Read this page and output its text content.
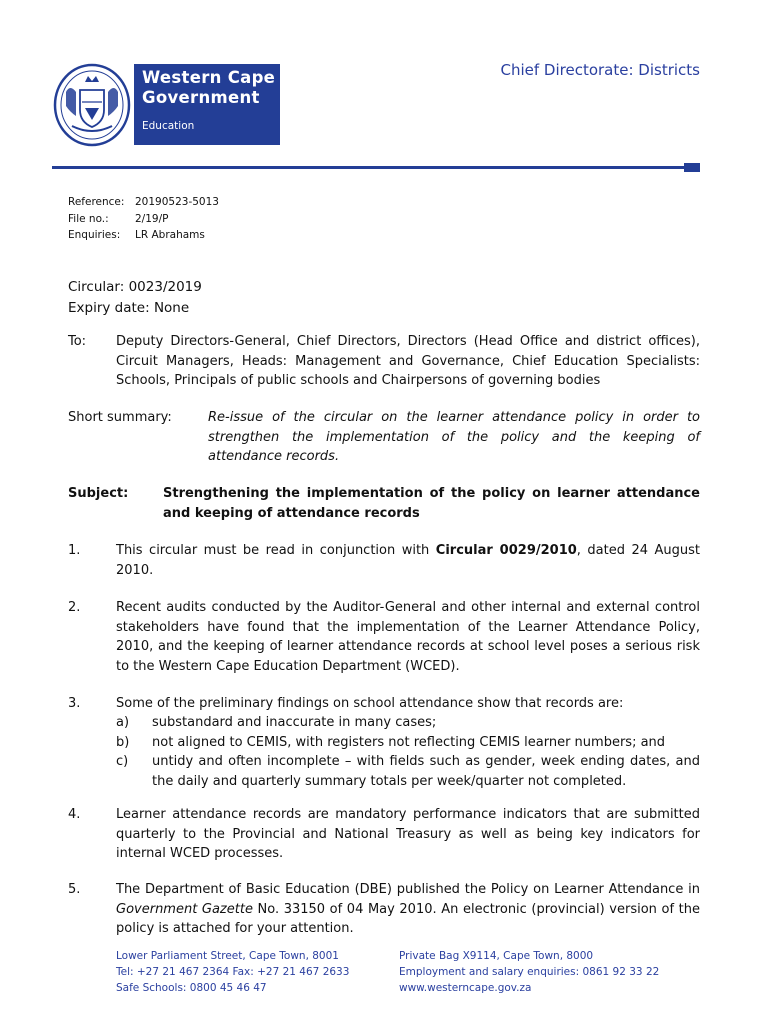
Western Cape
Government
Education
Chief Directorate: Districts
Reference: 20190523-5013
File no.:	2/19/P
Enquiries: LR Abrahams
Circular: 0023/2019
Expiry date: None
To: Deputy Directors-General, Chief Directors, Directors (Head Office and district offices), Circuit Managers, Heads: Management and Governance, Chief Education Specialists: Schools, Principals of public schools and Chairpersons of governing bodies
Short summary:	Re-issue of the circular on the learner attendance policy in order to strengthen the implementation of the policy and the keeping of attendance records.
Subject:	Strengthening the implementation of the policy on learner attendance and keeping of attendance records
1.	This circular must be read in conjunction with Circular 0029/2010, dated 24 August 2010.
2.	Recent audits conducted by the Auditor-General and other internal and external control stakeholders have found that the implementation of the Learner Attendance Policy, 2010, and the keeping of learner attendance records at school level poses a serious risk to the Western Cape Education Department (WCED).
3.	Some of the preliminary findings on school attendance show that records are:
a) substandard and inaccurate in many cases;
b) not aligned to CEMIS, with registers not reflecting CEMIS learner numbers; and
c) untidy and often incomplete – with fields such as gender, week ending dates, and the daily and quarterly summary totals per week/quarter not completed.
4.	Learner attendance records are mandatory performance indicators that are submitted quarterly to the Provincial and National Treasury as well as being key indicators for internal WCED processes.
5.	The Department of Basic Education (DBE) published the Policy on Learner Attendance in Government Gazette No. 33150 of 04 May 2010. An electronic (provincial) version of the policy is attached for your attention.
Lower Parliament Street, Cape Town, 8001
Tel: +27 21 467 2364 Fax: +27 21 467 2633
Safe Schools: 0800 45 46 47
Private Bag X9114, Cape Town, 8000
Employment and salary enquiries: 0861 92 33 22
www.westerncape.gov.za
